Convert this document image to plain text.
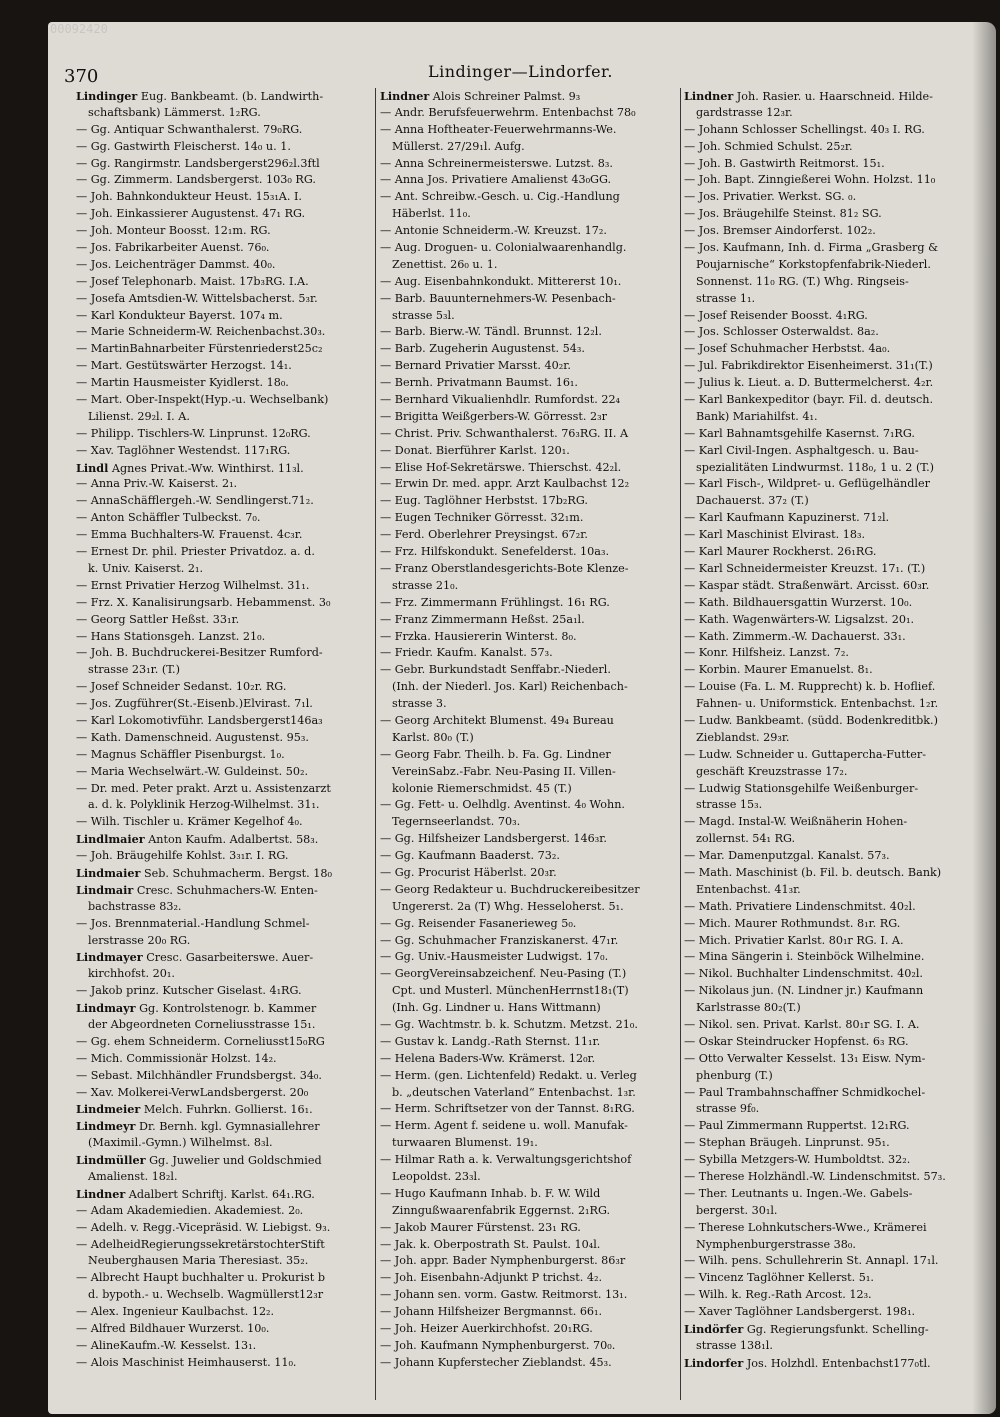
00092420
370	Lindinger—Lindorfer.
Lindinger Eug. Bankbeamt. (b. Landwirth-
schaftsbank) Lämmerst. 1₂RG.
— Gg. Antiquar Schwanthalerst. 79₀RG.
— Gg. Gastwirth Fleischerst. 14₀ u. 1.
— Gg. Rangirmstr. Landsbergerst296₂l.3ftl
— Gg. Zimmerm. Landsbergerst. 103₀ RG.
— Joh. Bahnkondukteur Heust. 15₃₁A. I.
— Joh. Einkassierer Augustenst. 47₁ RG.
— Joh. Monteur Boosst. 12₁m. RG.
— Jos. Fabrikarbeiter Auenst. 76₀.
— Jos. Leichenträger Dammst. 40₀.
— Josef Telephonarb. Maist. 17b₃RG. I.A.
— Josefa Amtsdien-W. Wittelsbacherst. 5₃r.
— Karl Kondukteur Bayerst. 107₄ m.
— Marie Schneiderm-W. Reichenbachst.30₃.
— MartinBahnarbeiter Fürstenriederst25c₂
— Mart. Gestütswärter Herzogst. 14₁.
— Martin Hausmeister Kyidlerst. 18₀.
— Mart. Ober-Inspekt(Hyp.-u. Wechselbank)
Lilienst. 29₂l. I. A.
— Philipp. Tischlers-W. Linprunst. 12₀RG.
— Xav. Taglöhner Westendst. 117₁RG.
Lindl Agnes Privat.-Ww. Winthirst. 11₃l.
— Anna Priv.-W. Kaiserst. 2₁.
— AnnaSchäfflergeh.-W. Sendlingerst.71₂.
— Anton Schäffler Tulbeckst. 7₀.
— Emma Buchhalters-W. Frauenst. 4c₃r.
— Ernest Dr. phil. Priester Privatdoz. a. d.
k. Univ. Kaiserst. 2₁.
— Ernst Privatier Herzog Wilhelmst. 31₁.
— Frz. X. Kanalisirungsarb. Hebammenst. 3₀
— Georg Sattler Heßst. 33₁r.
— Hans Stationsgeh. Lanzst. 21₀.
— Joh. B. Buchdruckerei-Besitzer Rumford-
strasse 23₁r. (T.)
— Josef Schneider Sedanst. 10₂r. RG.
— Jos. Zugführer(St.-Eisenb.)Elvirast. 7₁l.
— Karl Lokomotivführ. Landsbergerst146a₃
— Kath. Damenschneid. Augustenst. 95₃.
— Magnus Schäffler Pisenburgst. 1₀.
— Maria Wechselwärt.-W. Guldeinst. 50₂.
— Dr. med. Peter prakt. Arzt u. Assistenzarzt
a. d. k. Polyklinik Herzog-Wilhelmst. 31₁.
— Wilh. Tischler u. Krämer Kegelhof 4₀.
Lindlmaier Anton Kaufm. Adalbertst. 58₃.
— Joh. Bräugehilfe Kohlst. 3₃₁r. I. RG.
Lindmaier Seb. Schuhmacherm. Bergst. 18₀
Lindmair Cresc. Schuhmachers-W. Enten-
bachstrasse 83₂.
— Jos. Brennmaterial.-Handlung Schmel-
lerstrasse 20₀ RG.
Lindmayer Cresc. Gasarbeiterswe. Auer-
kirchhofst. 20₁.
— Jakob prinz. Kutscher Giselast. 4₁RG.
Lindmayr Gg. Kontrolstenogr. b. Kammer
der Abgeordneten Corneliusstrasse 15₁.
— Gg. ehem Schneiderm. Corneliusst15₀RG
— Mich. Commissionär Holzst. 14₂.
— Sebast. Milchhändler Frundsbergst. 34₀.
— Xav. Molkerei-VerwLandsbergerst. 20₀
Lindmeier Melch. Fuhrkn. Gollierst. 16₁.
Lindmeyr Dr. Bernh. kgl. Gymnasiallehrer
(Maximil.-Gymn.) Wilhelmst. 8₃l.
Lindmüller Gg. Juwelier und Goldschmied
Amalienst. 18₂l.
Lindner Adalbert Schriftj. Karlst. 64₁.RG.
— Adam Akademiedien. Akademiest. 2₀.
— Adelh. v. Regg.-Vicepräsid. W. Liebigst. 9₃.
— AdelheidRegierungssekretärstochterStift
Neuberghausen Maria Theresiast. 35₂.
— Albrecht Haupt buchhalter u. Prokurist b
d. bypoth.- u. Wechselb. Wagmüllerst12₃r
— Alex. Ingenieur Kaulbachst. 12₂.
— Alfred Bildhauer Wurzerst. 10₀.
— AlineKaufm.-W. Kesselst. 13₁.
— Alois Maschinist Heimhauserst. 11₀.
Lindner Alois Schreiner Palmst. 9₃
— Andr. Berufsfeuerwehrm. Entenbachst 78₀
— Anna Hoftheater-Feuerwehrmanns-We.
Müllerst. 27/29₁l. Aufg.
— Anna Schreinermeisterswe. Lutzst. 8₃.
— Anna Jos. Privatiere Amalienst 43₀GG.
— Ant. Schreibw.-Gesch. u. Cig.-Handlung
Häberlst. 11₀.
— Antonie Schneiderm.-W. Kreuzst. 17₂.
— Aug. Droguen- u. Colonialwaarenhandlg.
Zenettist. 26₀ u. 1.
— Aug. Eisenbahnkondukt. Mittererst 10₁.
— Barb. Bauunternehmers-W. Pesenbach-
strasse 5₃l.
— Barb. Bierw.-W. Tändl. Brunnst. 12₂l.
— Barb. Zugeherin Augustenst. 54₃.
— Bernard Privatier Marsst. 40₂r.
— Bernh. Privatmann Baumst. 16₁.
— Bernhard Vikualienhdlr. Rumfordst. 22₄
— Brigitta Weißgerbers-W. Görresst. 2₃r
— Christ. Priv. Schwanthalerst. 76₃RG. II. A
— Donat. Bierführer Karlst. 120₁.
— Elise Hof-Sekretärswe. Thierschst. 42₂l.
— Erwin Dr. med. appr. Arzt Kaulbachst 12₂
— Eug. Taglöhner Herbstst. 17b₂RG.
— Eugen Techniker Görresst. 32₁m.
— Ferd. Oberlehrer Preysingst. 67₂r.
— Frz. Hilfskondukt. Senefelderst. 10a₃.
— Franz Oberstlandesgerichts-Bote Klenze-
strasse 21₀.
— Frz. Zimmermann Frühlingst. 16₁ RG.
— Franz Zimmermann Heßst. 25a₁l.
— Frzka. Hausiererin Winterst. 8₀.
— Friedr. Kaufm. Kanalst. 57₃.
— Gebr. Burkundstadt Senffabr.-Niederl.
(Inh. der Niederl. Jos. Karl) Reichenbach-
strasse 3.
— Georg Architekt Blumenst. 49₄ Bureau
Karlst. 80₀ (T.)
— Georg Fabr. Theilh. b. Fa. Gg. Lindner
VereinSabz.-Fabr. Neu-Pasing II. Villen-
kolonie Riemerschmidst. 45 (T.)
— Gg. Fett- u. Oelhdlg. Aventinst. 4₀ Wohn.
Tegernseerlandst. 70₃.
— Gg. Hilfsheizer Landsbergerst. 146₃r.
— Gg. Kaufmann Baaderst. 73₂.
— Gg. Procurist Häberlst. 20₃r.
— Georg Redakteur u. Buchdruckereibesitzer
Ungererst. 2a (T) Whg. Hesseloherst. 5₁.
— Gg. Reisender Fasanerieweg 5₀.
— Gg. Schuhmacher Franziskanerst. 47₁r.
— Gg. Univ.-Hausmeister Ludwigst. 17₀.
— GeorgVereinsabzeichenf. Neu-Pasing (T.)
Cpt. und Musterl. MünchenHerrnst18₁(T)
(Inh. Gg. Lindner u. Hans Wittmann)
— Gg. Wachtmstr. b. k. Schutzm. Metzst. 21₀.
— Gustav k. Landg.-Rath Sternst. 11₁r.
— Helena Baders-Ww. Krämerst. 12₀r.
— Herm. (gen. Lichtenfeld) Redakt. u. Verleg
b. „deutschen Vaterland“ Entenbachst. 1₃r.
— Herm. Schriftsetzer von der Tannst. 8₁RG.
— Herm. Agent f. seidene u. woll. Manufak-
turwaaren Blumenst. 19₁.
— Hilmar Rath a. k. Verwaltungsgerichtshof
Leopoldst. 23₃l.
— Hugo Kaufmann Inhab. b. F. W. Wild
Zinngußwaarenfabrik Eggernst. 2₁RG.
— Jakob Maurer Fürstenst. 23₁ RG.
— Jak. k. Oberpostrath St. Paulst. 10₄l.
— Joh. appr. Bader Nymphenburgerst. 86₃r
— Joh. Eisenbahn-Adjunkt P trichst. 4₂.
— Johann sen. vorm. Gastw. Reitmorst. 13₁.
— Johann Hilfsheizer Bergmannst. 66₁.
— Joh. Heizer Auerkirchhofst. 20₁RG.
— Joh. Kaufmann Nymphenburgerst. 70₀.
— Johann Kupferstecher Zieblandst. 45₃.
Lindner Joh. Rasier. u. Haarschneid. Hilde-
gardstrasse 12₃r.
— Johann Schlosser Schellingst. 40₃ I. RG.
— Joh. Schmied Schulst. 25₂r.
— Joh. B. Gastwirth Reitmorst. 15₁.
— Joh. Bapt. Zinngießerei Wohn. Holzst. 11₀
— Jos. Privatier. Werkst. SG. ₀.
— Jos. Bräugehilfe Steinst. 81₂ SG.
— Jos. Bremser Aindorferst. 102₂.
— Jos. Kaufmann, Inh. d. Firma „Grasberg &
Poujarnische“ Korkstopfenfabrik-Niederl.
Sonnenst. 11₀ RG. (T.) Whg. Ringseis-
strasse 1₁.
— Josef Reisender Boosst. 4₁RG.
— Jos. Schlosser Osterwaldst. 8a₂.
— Josef Schuhmacher Herbstst. 4a₀.
— Jul. Fabrikdirektor Eisenheimerst. 31₁(T.)
— Julius k. Lieut. a. D. Buttermelcherst. 4₂r.
— Karl Bankexpeditor (bayr. Fil. d. deutsch.
Bank) Mariahilfst. 4₁.
— Karl Bahnamtsgehilfe Kasernst. 7₁RG.
— Karl Civil-Ingen. Asphaltgesch. u. Bau-
spezialitäten Lindwurmst. 118₀, 1 u. 2 (T.)
— Karl Fisch-, Wildpret- u. Geflügelhändler
Dachauerst. 37₂ (T.)
— Karl Kaufmann Kapuzinerst. 71₂l.
— Karl Maschinist Elvirast. 18₃.
— Karl Maurer Rockherst. 26₁RG.
— Karl Schneidermeister Kreuzst. 17₁. (T.)
— Kaspar städt. Straßenwärt. Arcisst. 60₃r.
— Kath. Bildhauersgattin Wurzerst. 10₀.
— Kath. Wagenwärters-W. Ligsalzst. 20₁.
— Kath. Zimmerm.-W. Dachauerst. 33₁.
— Konr. Hilfsheiz. Lanzst. 7₂.
— Korbin. Maurer Emanuelst. 8₁.
— Louise (Fa. L. M. Rupprecht) k. b. Hoflief.
Fahnen- u. Uniformstick. Entenbachst. 1₂r.
— Ludw. Bankbeamt. (südd. Bodenkreditbk.)
Zieblandst. 29₃r.
— Ludw. Schneider u. Guttapercha-Futter-
geschäft Kreuzstrasse 17₂.
— Ludwig Stationsgehilfe Weißenburger-
strasse 15₃.
— Magd. Instal-W. Weißnäherin Hohen-
zollernst. 54₁ RG.
— Mar. Damenputzgal. Kanalst. 57₃.
— Math. Maschinist (b. Fil. b. deutsch. Bank)
Entenbachst. 41₃r.
— Math. Privatiere Lindenschmitst. 40₂l.
— Mich. Maurer Rothmundst. 8₁r. RG.
— Mich. Privatier Karlst. 80₁r RG. I. A.
— Mina Sängerin i. Steinböck Wilhelmine.
— Nikol. Buchhalter Lindenschmitst. 40₂l.
— Nikolaus jun. (N. Lindner jr.) Kaufmann
Karlstrasse 80₂(T.)
— Nikol. sen. Privat. Karlst. 80₁r SG. I. A.
— Oskar Steindrucker Hopfenst. 6₃ RG.
— Otto Verwalter Kesselst. 13₁ Eisw. Nym-
phenburg (T.)
— Paul Trambahnschaffner Schmidkochel-
strasse 9f₀.
— Paul Zimmermann Ruppertst. 12₁RG.
— Stephan Bräugeh. Linprunst. 95₁.
— Sybilla Metzgers-W. Humboldtst. 32₂.
— Therese Holzhändl.-W. Lindenschmitst. 57₃.
— Ther. Leutnants u. Ingen.-We. Gabels-
bergerst. 30₁l.
— Therese Lohnkutschers-Wwe., Krämerei
Nymphenburgerstrasse 38₀.
— Wilh. pens. Schullehrerin St. Annapl. 17₁l.
— Vincenz Taglöhner Kellerst. 5₁.
— Wilh. k. Reg.-Rath Arcost. 12₃.
— Xaver Taglöhner Landsbergerst. 198₁.
Lindörfer Gg. Regierungsfunkt. Schelling-
strasse 138₁l.
Lindorfer Jos. Holzhdl. Entenbachst177₀tl.
